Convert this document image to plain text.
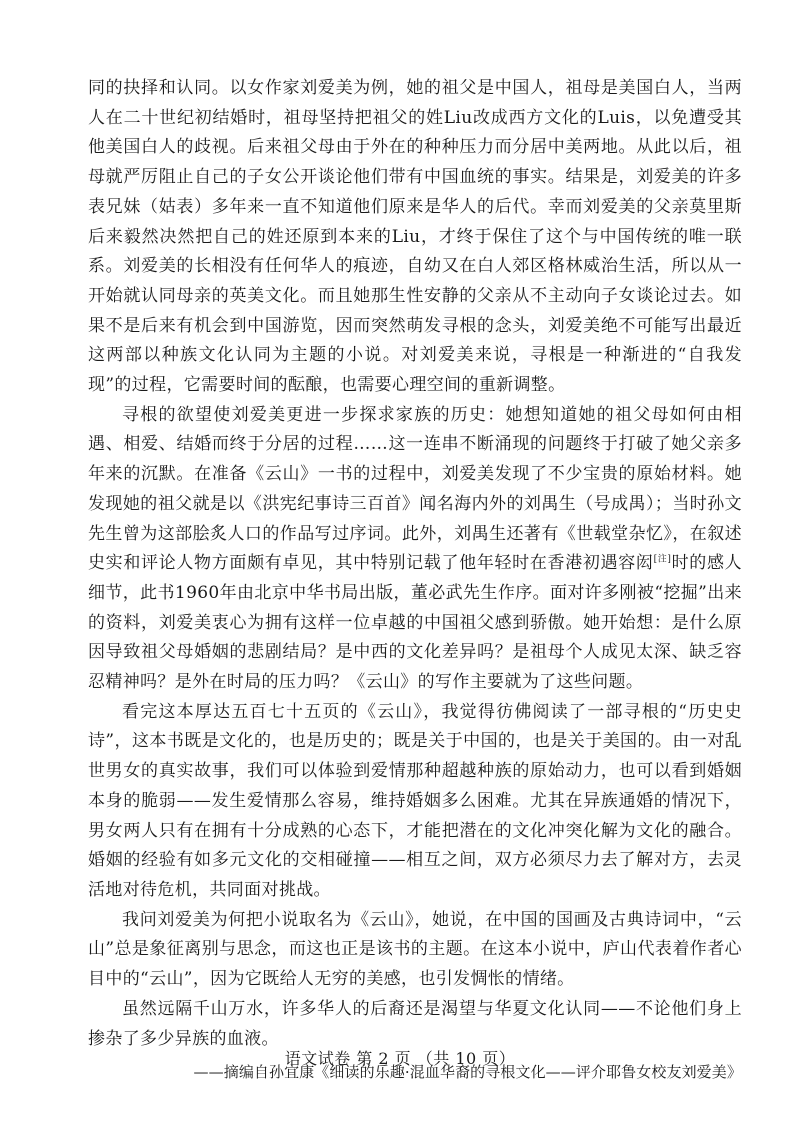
同的抉择和认同。以女作家刘爱美为例，她的祖父是中国人，祖母是美国白人，当两人在二十世纪初结婚时，祖母坚持把祖父的姓Liu改成西方文化的Luis，以免遭受其他美国白人的歧视。后来祖父母由于外在的种种压力而分居中美两地。从此以后，祖母就严厉阻止自己的子女公开谈论他们带有中国血统的事实。结果是，刘爱美的许多表兄妹（姑表）多年来一直不知道他们原来是华人的后代。幸而刘爱美的父亲莫里斯后来毅然决然把自己的姓还原到本来的Liu，才终于保住了这个与中国传统的唯一联系。刘爱美的长相没有任何华人的痕迹，自幼又在白人郊区格林威治生活，所以从一开始就认同母亲的英美文化。而且她那生性安静的父亲从不主动向子女谈论过去。如果不是后来有机会到中国游览，因而突然萌发寻根的念头，刘爱美绝不可能写出最近这两部以种族文化认同为主题的小说。对刘爱美来说，寻根是一种渐进的“自我发现”的过程，它需要时间的酝酿，也需要心理空间的重新调整。

寻根的欲望使刘爱美更进一步探求家族的历史：她想知道她的祖父母如何由相遇、相爱、结婚而终于分居的过程……这一连串不断涌现的问题终于打破了她父亲多年来的沉默。在准备《云山》一书的过程中，刘爱美发现了不少宝贵的原始材料。她发现她的祖父就是以《洪宪纪事诗三百首》闻名海内外的刘禺生（号成禺）；当时孙文先生曾为这部脍炙人口的作品写过序词。此外，刘禺生还著有《世载堂杂忆》，在叙述史实和评论人物方面颇有卓见，其中特别记载了他年轻时在香港初遇容闳[注]时的感人细节，此书1960年由北京中华书局出版，董必武先生作序。面对许多刚被“挖掘”出来的资料，刘爱美衷心为拥有这样一位卓越的中国祖父感到骄傲。她开始想：是什么原因导致祖父母婚姻的悲剧结局？是中西的文化差异吗？是祖母个人成见太深、缺乏容忍精神吗？是外在时局的压力吗？《云山》的写作主要就为了这些问题。

看完这本厚达五百七十五页的《云山》，我觉得彷佛阅读了一部寻根的“历史史诗”，这本书既是文化的，也是历史的；既是关于中国的，也是关于美国的。由一对乱世男女的真实故事，我们可以体验到爱情那种超越种族的原始动力，也可以看到婚姻本身的脆弱——发生爱情那么容易，维持婚姻多么困难。尤其在异族通婚的情况下，男女两人只有在拥有十分成熟的心态下，才能把潜在的文化冲突化解为文化的融合。婚姻的经验有如多元文化的交相碰撞——相互之间，双方必须尽力去了解对方，去灵活地对待危机，共同面对挑战。

我问刘爱美为何把小说取名为《云山》，她说，在中国的国画及古典诗词中，“云山”总是象征离别与思念，而这也正是该书的主题。在这本小说中，庐山代表着作者心目中的“云山”，因为它既给人无穷的美感，也引发惆怅的情绪。

虽然远隔千山万水，许多华人的后裔还是渴望与华夏文化认同——不论他们身上掺杂了多少异族的血液。

——摘编自孙宜康《细读的乐趣·混血华裔的寻根文化——评介耶鲁女校友刘爱美》

语文试卷 第 2 页 （共 10 页）
